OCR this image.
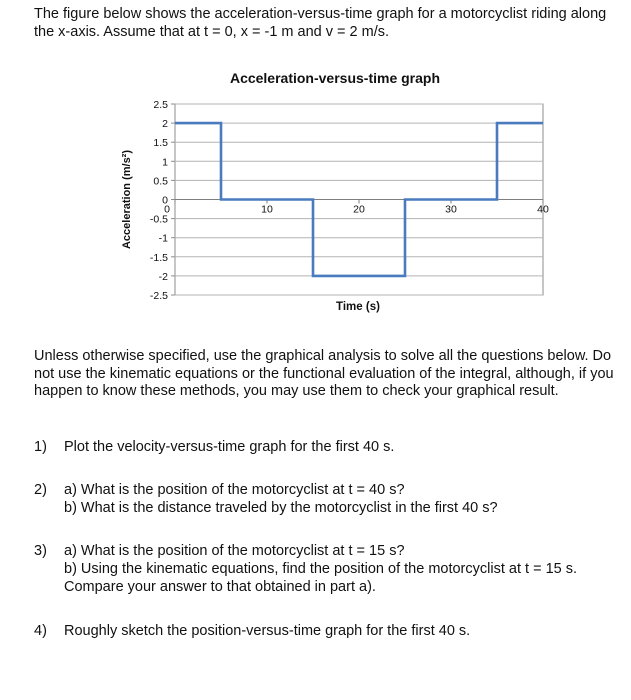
The figure below shows the acceleration-versus-time graph for a motorcyclist riding along the x-axis. Assume that at t = 0, x = -1 m and v = 2 m/s.
Acceleration-versus-time graph
Acceleration (m/s²)
Time (s)
2.5
2
1.5
1
0.5
0
-0.5
-1
-1.5
-2
-2.5
0	10	20	30	40
Unless otherwise specified, use the graphical analysis to solve all the questions below. Do not use the kinematic equations or the functional evaluation of the integral, although, if you happen to know these methods, you may use them to check your graphical result.
1) Plot the velocity-versus-time graph for the first 40 s.
2) a) What is the position of the motorcyclist at t = 40 s?
b) What is the distance traveled by the motorcyclist in the first 40 s?
3) a) What is the position of the motorcyclist at t = 15 s?
b) Using the kinematic equations, find the position of the motorcyclist at t = 15 s.
Compare your answer to that obtained in part a).
4) Roughly sketch the position-versus-time graph for the first 40 s.
